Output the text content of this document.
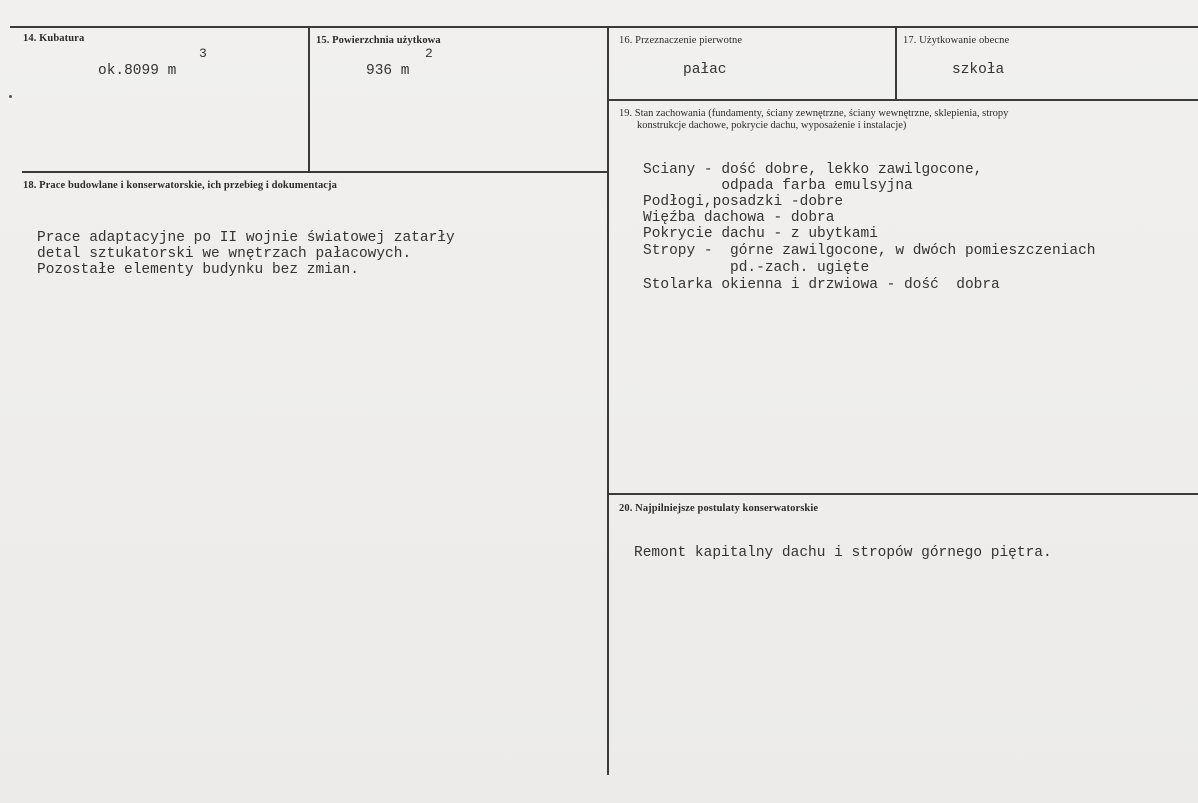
14. Kubatura
3
ok.8099 m
15. Powierzchnia użytkowa
2
936 m
16. Przeznaczenie pierwotne
pałac
17. Użytkowanie obecne
szkoła
18. Prace budowlane i konserwatorskie, ich przebieg i dokumentacja
Prace adaptacyjne po II wojnie światowej zatarły
detal sztukatorski we wnętrzach pałacowych.
Pozostałe elementy budynku bez zmian.
19. Stan zachowania (fundamenty, ściany zewnętrzne, ściany wewnętrzne, sklepienia, stropy
konstrukcje dachowe, pokrycie dachu, wyposażenie i instalacje)
Sciany - dość dobre, lekko zawilgocone,
odpada farba emulsyjna
Podłogi,posadzki -dobre
Więźba dachowa - dobra
Pokrycie dachu - z ubytkami
Stropy -  górne zawilgocone, w dwóch pomieszczeniach
pd.-zach. ugięte
Stolarka okienna i drzwiowa - dość  dobra
20. Najpilniejsze postulaty konserwatorskie
Remont kapitalny dachu i stropów górnego piętra.
